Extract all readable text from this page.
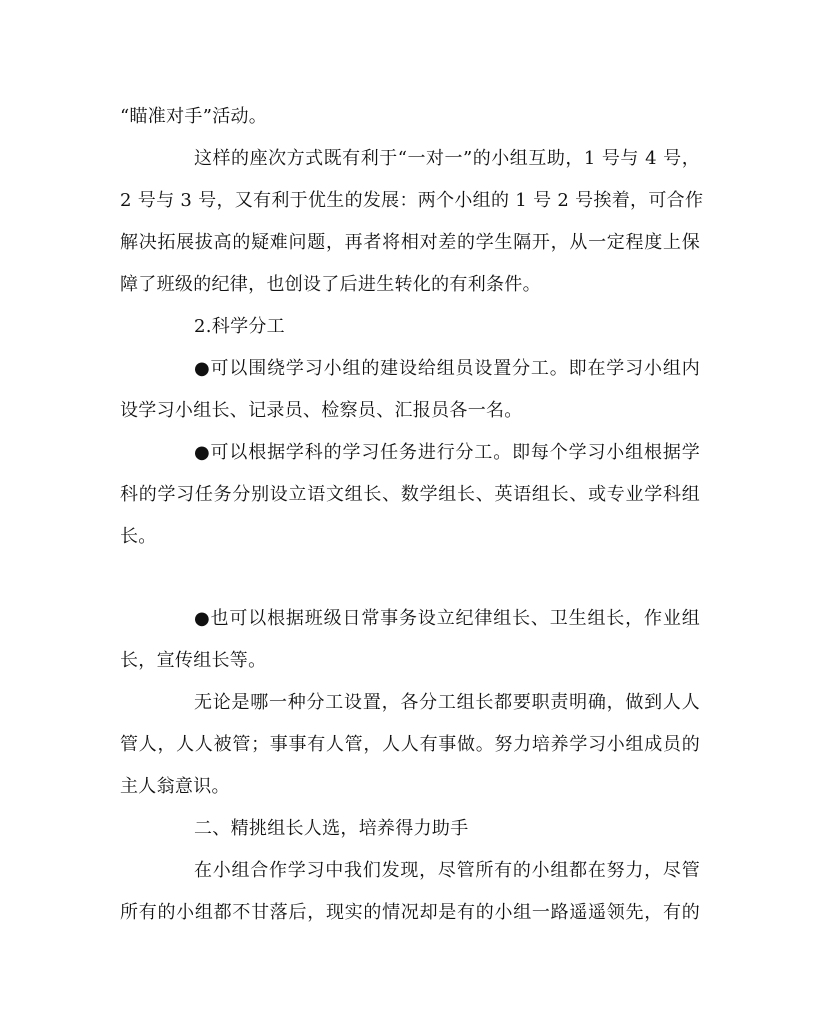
“瞄准对手”活动。
这样的座次方式既有利于“一对一”的小组互助，1 号与 4 号，
2 号与 3 号，又有利于优生的发展：两个小组的 1 号 2 号挨着，可合作
解决拓展拔高的疑难问题，再者将相对差的学生隔开，从一定程度上保
障了班级的纪律，也创设了后进生转化的有利条件。
2.科学分工
●可以围绕学习小组的建设给组员设置分工。即在学习小组内
设学习小组长、记录员、检察员、汇报员各一名。
●可以根据学科的学习任务进行分工。即每个学习小组根据学
科的学习任务分别设立语文组长、数学组长、英语组长、或专业学科组
长。
●也可以根据班级日常事务设立纪律组长、卫生组长，作业组
长，宣传组长等。
无论是哪一种分工设置，各分工组长都要职责明确，做到人人
管人，人人被管；事事有人管，人人有事做。努力培养学习小组成员的
主人翁意识。
二、精挑组长人选，培养得力助手
在小组合作学习中我们发现，尽管所有的小组都在努力，尽管
所有的小组都不甘落后，现实的情况却是有的小组一路遥遥领先，有的
